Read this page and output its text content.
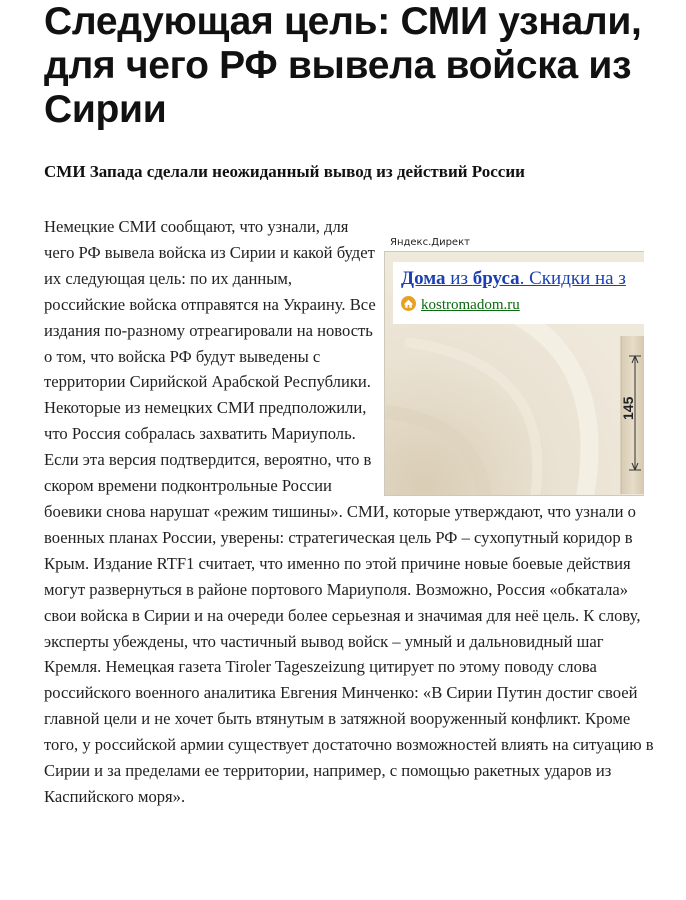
Следующая цель: СМИ узнали, для чего РФ вывела войска из Сирии
СМИ Запада сделали неожиданный вывод из действий России
Немецкие СМИ сообщают, что узнали, для чего РФ вывела войска из Сирии и какой будет их следующая цель: по их данным, российские войска отправятся на Украину. Все издания по-разному отреагировали на новость о том, что войска РФ будут выведены с территории Сирийской Арабской Республики. Некоторые из немецких СМИ предположили, что Россия собралась захватить Мариуполь. Если эта версия подтвердится, вероятно, что в скором времени подконтрольные России боевики снова нарушат «режим тишины». СМИ, которые утверждают, что узнали о военных планах России, уверены: стратегическая цель РФ – сухопутный коридор в Крым. Издание RTF1 считает, что именно по этой причине новые боевые действия могут развернуться в районе портового Мариуполя. Возможно, Россия «обкатала» свои войска в Сирии и на очереди более серьезная и значимая для неё цель. К слову, эксперты убеждены, что частичный вывод войск – умный и дальновидный шаг Кремля. Немецкая газета Tiroler Tageszeizung цитирует по этому поводу слова российского военного аналитика Евгения Минченко: «В Сирии Путин достиг своей главной цели и не хочет быть втянутым в затяжной вооруженный конфликт. Кроме того, у российской армии существует достаточно возможностей влиять на ситуацию в Сирии и за пределами ее территории, например, с помощью ракетных ударов из Каспийского моря».
Яндекс.Директ
145
Дома из бруса. Скидки на з
kostromadom.ru
